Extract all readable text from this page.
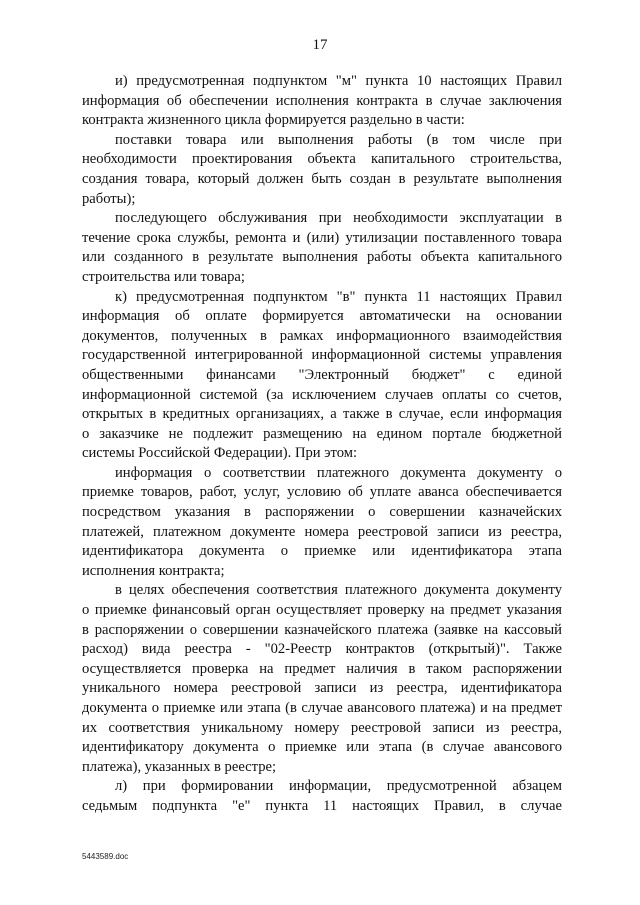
17
и) предусмотренная подпунктом "м" пункта 10 настоящих Правил
информация об обеспечении исполнения контракта в случае заключения
контракта жизненного цикла формируется раздельно в части:
поставки товара или выполнения работы (в том числе при
необходимости проектирования объекта капитального строительства,
создания товара, который должен быть создан в результате выполнения
работы);
последующего обслуживания при необходимости эксплуатации в
течение срока службы, ремонта и (или) утилизации поставленного товара
или созданного в результате выполнения работы объекта капитального
строительства или товара;
к) предусмотренная подпунктом "в" пункта 11 настоящих Правил
информация об оплате формируется автоматически на основании
документов, полученных в рамках информационного взаимодействия
государственной интегрированной информационной системы управления
общественными финансами "Электронный бюджет" с единой
информационной системой (за исключением случаев оплаты со счетов,
открытых в кредитных организациях, а также в случае, если информация
о заказчике не подлежит размещению на едином портале бюджетной
системы Российской Федерации). При этом:
информация о соответствии платежного документа документу о
приемке товаров, работ, услуг, условию об уплате аванса обеспечивается
посредством указания в распоряжении о совершении казначейских
платежей, платежном документе номера реестровой записи из реестра,
идентификатора документа о приемке или идентификатора этапа
исполнения контракта;
в целях обеспечения соответствия платежного документа документу
о приемке финансовый орган осуществляет проверку на предмет указания
в распоряжении о совершении казначейского платежа (заявке на кассовый
расход) вида реестра - "02-Реестр контрактов (открытый)". Также
осуществляется проверка на предмет наличия в таком распоряжении
уникального номера реестровой записи из реестра, идентификатора
документа о приемке или этапа (в случае авансового платежа) и на предмет
их соответствия уникальному номеру реестровой записи из реестра,
идентификатору документа о приемке или этапа (в случае авансового
платежа), указанных в реестре;
л) при формировании информации, предусмотренной абзацем
седьмым подпункта "е" пункта 11 настоящих Правил, в случае
5443589.doc
